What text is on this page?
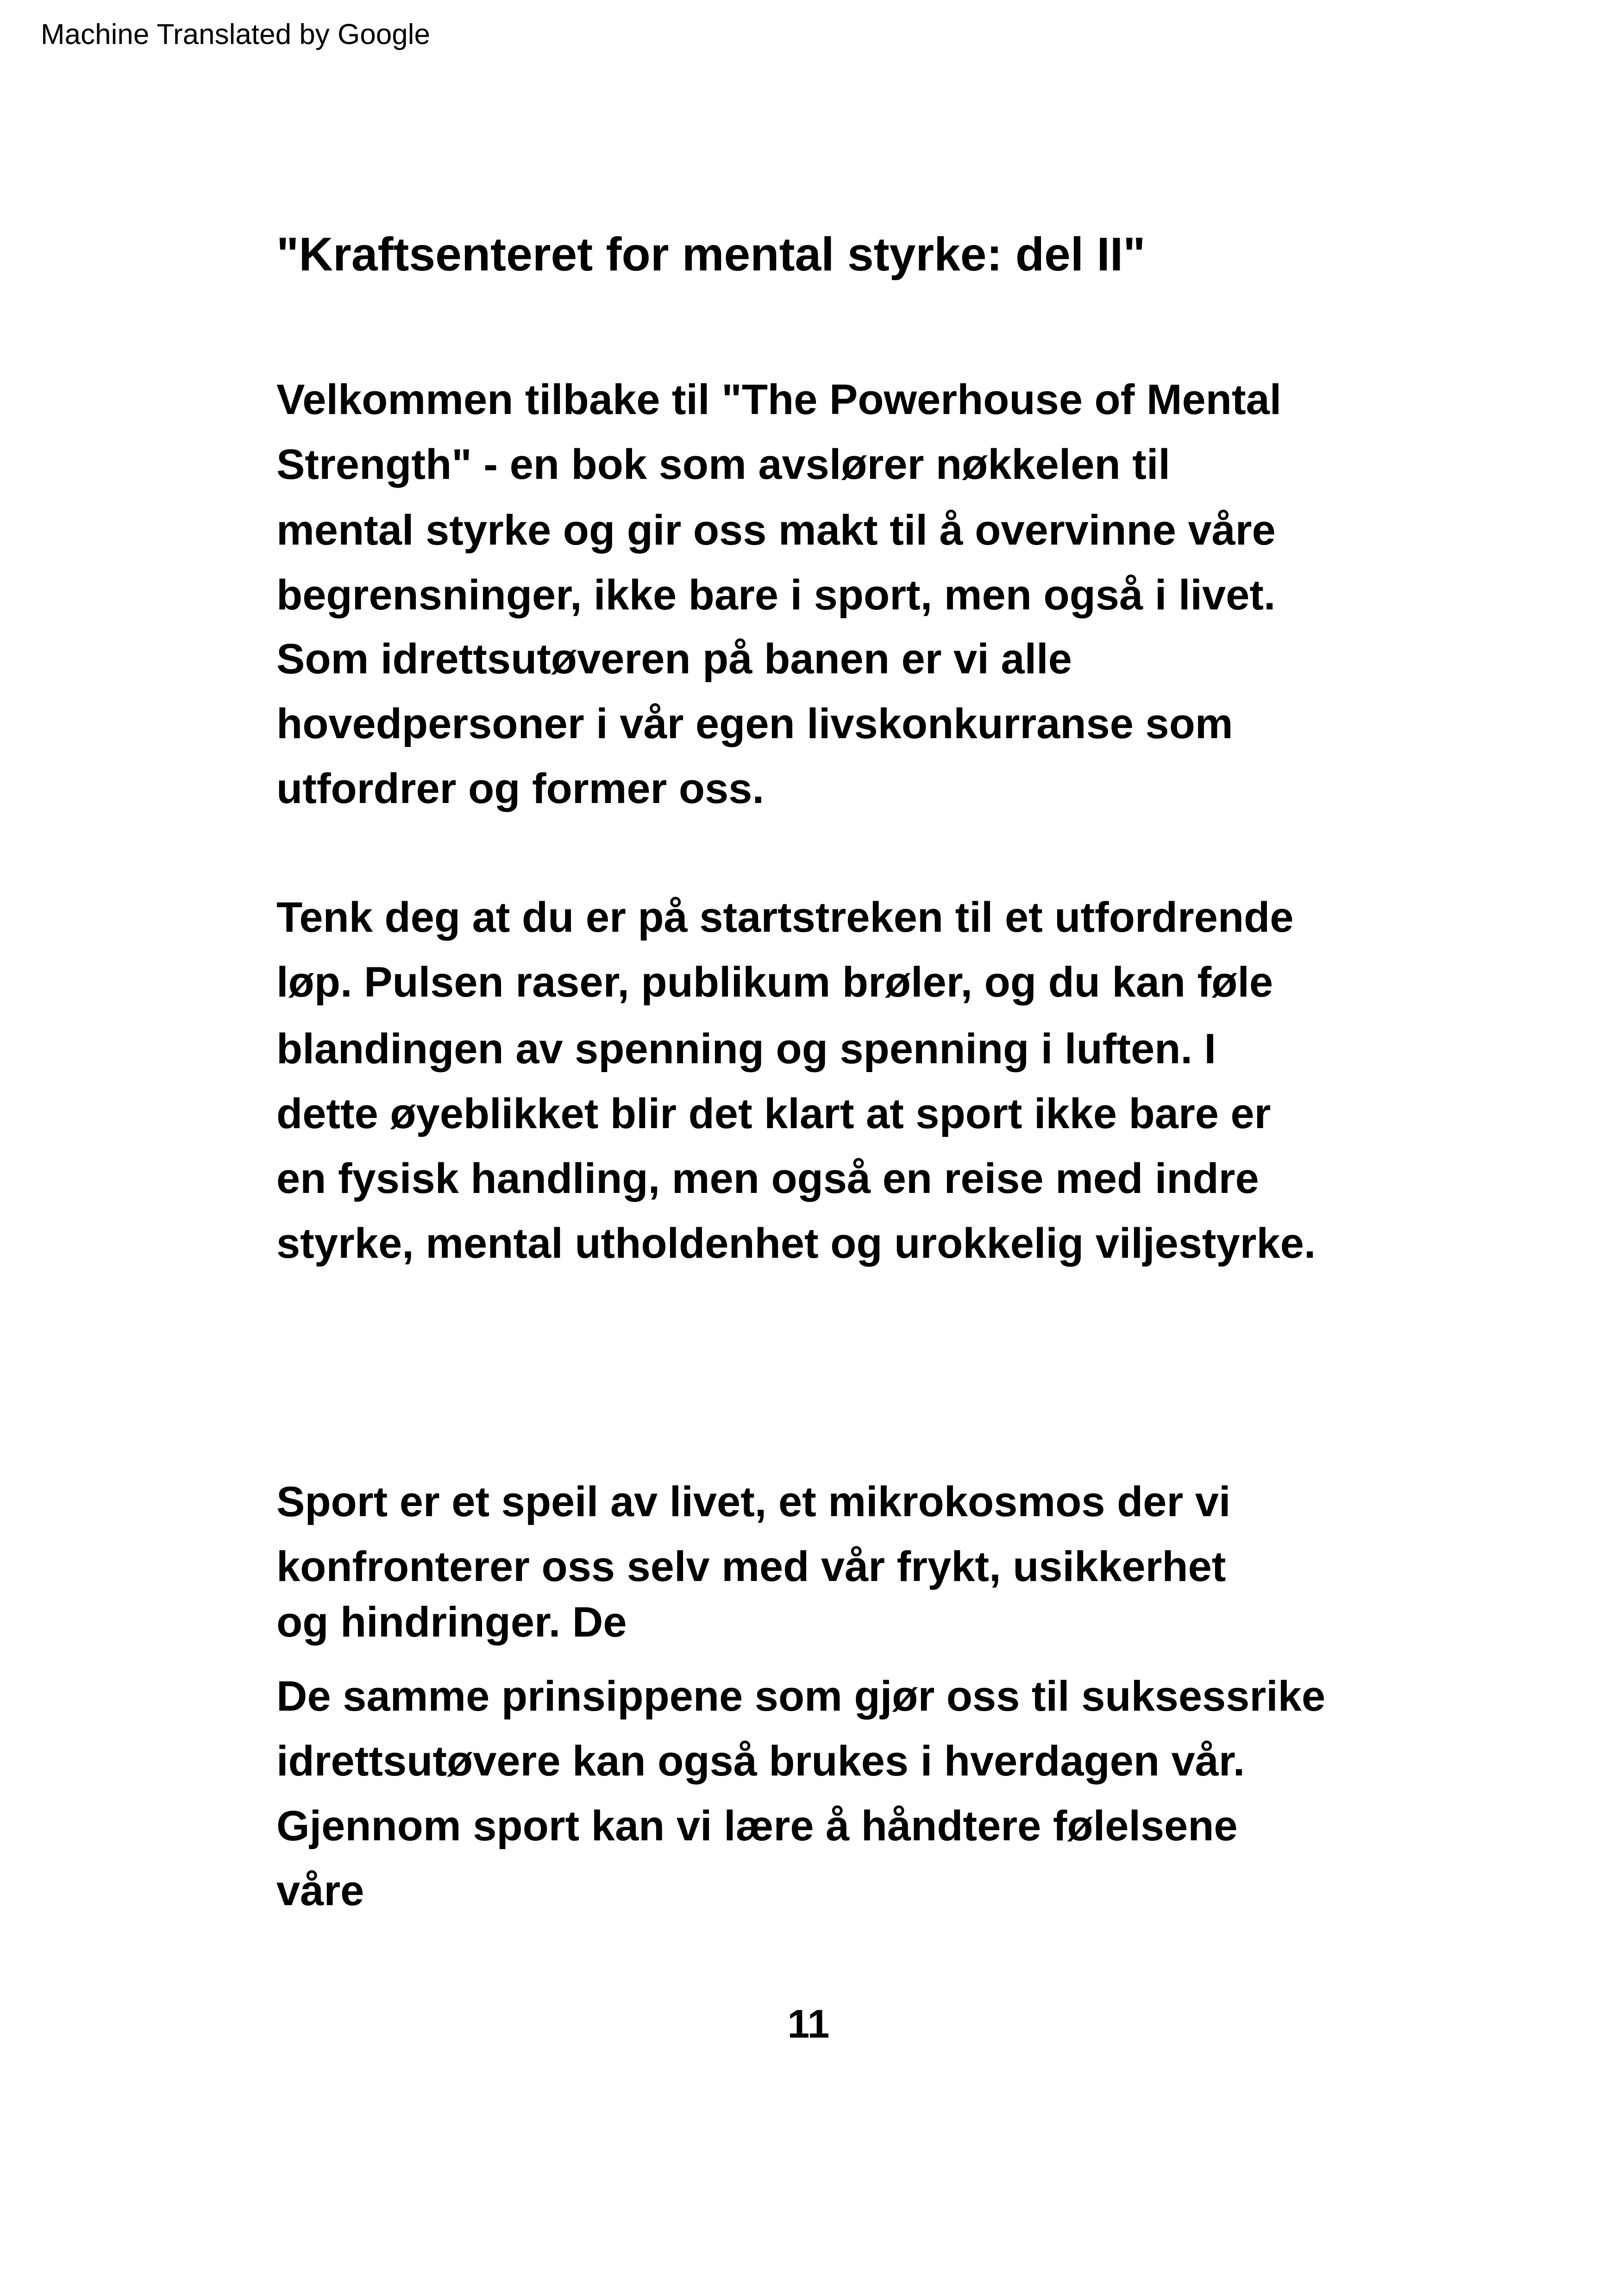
Machine Translated by Google
"Kraftsenteret for mental styrke: del II"
Velkommen tilbake til "The Powerhouse of Mental
Strength" - en bok som avslører nøkkelen til
mental styrke og gir oss makt til å overvinne våre
begrensninger, ikke bare i sport, men også i livet.
Som idrettsutøveren på banen er vi alle
hovedpersoner i vår egen livskonkurranse som
utfordrer og former oss.
Tenk deg at du er på startstreken til et utfordrende
løp. Pulsen raser, publikum brøler, og du kan føle
blandingen av spenning og spenning i luften. I
dette øyeblikket blir det klart at sport ikke bare er
en fysisk handling, men også en reise med indre
styrke, mental utholdenhet og urokkelig viljestyrke.
Sport er et speil av livet, et mikrokosmos der vi
konfronterer oss selv med vår frykt, usikkerhet
og hindringer. De
De samme prinsippene som gjør oss til suksessrike
idrettsutøvere kan også brukes i hverdagen vår.
Gjennom sport kan vi lære å håndtere følelsene
våre
11
